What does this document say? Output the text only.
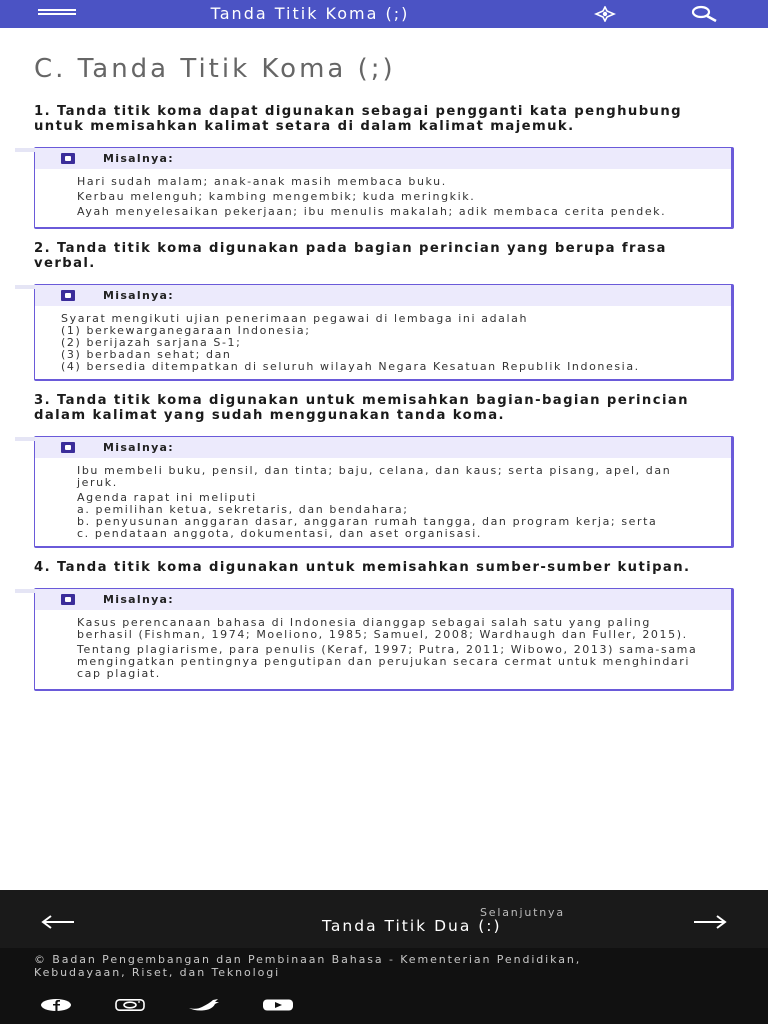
Tanda Titik Koma (;)
C. Tanda Titik Koma (;)
1. Tanda titik koma dapat digunakan sebagai pengganti kata penghubung untuk memisahkan kalimat setara di dalam kalimat majemuk.
Misalnya:

Hari sudah malam; anak-anak masih membaca buku.

Kerbau melenguh; kambing mengembik; kuda meringkik.

Ayah menyelesaikan pekerjaan; ibu menulis makalah; adik membaca cerita pendek.

2. Tanda titik koma digunakan pada bagian perincian yang berupa frasa verbal.
Misalnya:

Syarat mengikuti ujian penerimaan pegawai di lembaga ini adalah

(1) berkewarganegaraan Indonesia;
(2) berijazah sarjana S-1;
(3) berbadan sehat; dan
(4) bersedia ditempatkan di seluruh wilayah Negara Kesatuan Republik Indonesia.
3. Tanda titik koma digunakan untuk memisahkan bagian-bagian perincian dalam kalimat yang sudah menggunakan tanda koma.
Misalnya:

Ibu membeli buku, pensil, dan tinta; baju, celana, dan kaus; serta pisang, apel, dan jeruk.

Agenda rapat ini meliputi
a. pemilihan ketua, sekretaris, dan bendahara;
b. penyusunan anggaran dasar, anggaran rumah tangga, dan program kerja; serta
c. pendataan anggota, dokumentasi, dan aset organisasi.
4. Tanda titik koma digunakan untuk memisahkan sumber-sumber kutipan.
Misalnya:

Kasus perencanaan bahasa di Indonesia dianggap sebagai salah satu yang paling berhasil (Fishman, 1974; Moeliono, 1985; Samuel, 2008; Wardhaugh dan Fuller, 2015).

Tentang plagiarisme, para penulis (Keraf, 1997; Putra, 2011; Wibowo, 2013) sama-sama mengingatkan pentingnya pengutipan dan perujukan secara cermat untuk menghindari cap plagiat.

Selanjutnya
Tanda Titik Dua (:)
© Badan Pengembangan dan Pembinaan Bahasa - Kementerian Pendidikan, Kebudayaan, Riset, dan Teknologi
